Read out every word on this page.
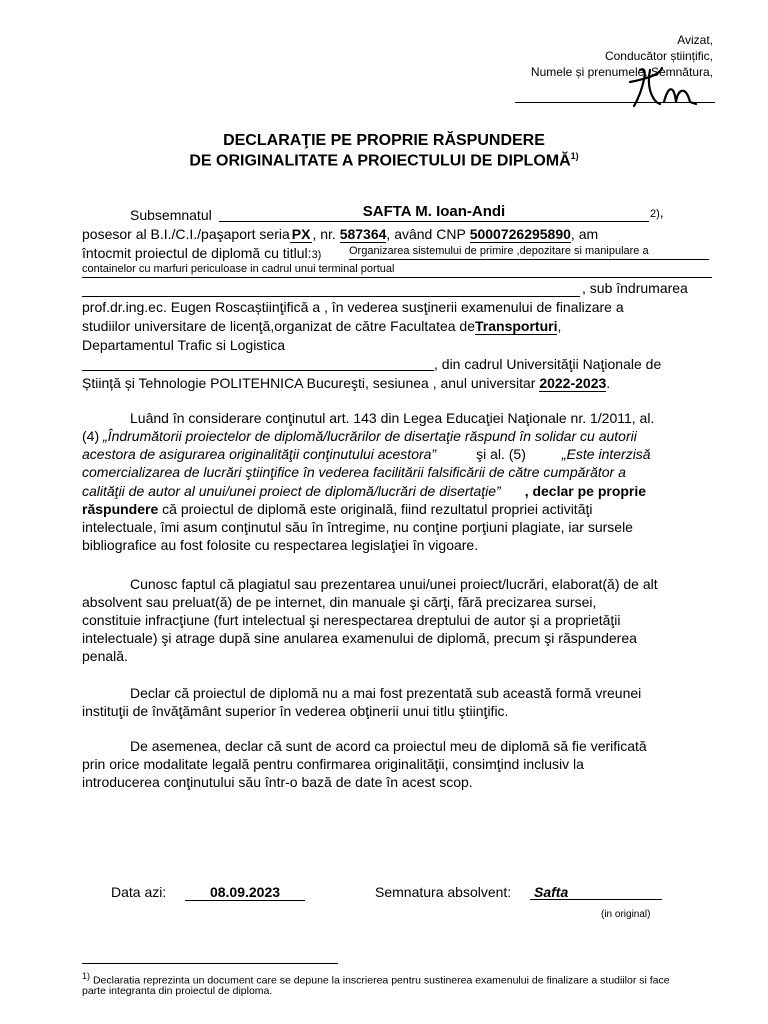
Avizat,
Conducător științific,
Numele și prenumele, Semnătura,
DECLARAŢIE PE PROPRIE RĂSPUNDERE
DE ORIGINALITATE A PROIECTULUI DE DIPLOMĂ$^{1)}$
Subsemnatul	SAFTA M. Ioan-Andi	2),
posesor al B.I./C.I./paşaport seria PX , nr. 587364, având CNP 5000726295890, am
întocmit proiectul de diplomă cu titlul:3)	Organizarea sistemului de primire ,depozitare si manipulare a
containelor cu marfuri periculoase in cadrul unui terminal portual
, sub îndrumarea
prof.dr.ing.ec. Eugen Roscaștiinţifică a , în vederea susţinerii examenului de finalizare a
studiilor universitare de licenţă,organizat de către Facultatea deTransporturi,
Departamentul Trafic si Logistica
, din cadrul Universităţii Naţionale de
Știință și Tehnologie POLITEHNICA Bucureşti, sesiunea , anul universitar 2022-2023.
Luând în considerare conţinutul art. 143 din Legea Educaţiei Naţionale nr. 1/2011, al.
(4) „Îndrumătorii proiectelor de diplomă/lucrărilor de disertaţie răspund în solidar cu autorii
acestora de asigurarea originalităţii conţinutului acestora”	şi al. (5)	„Este interzisă
comercializarea de lucrări ştiinţifice în vederea facilitării falsificării de către cumpărător a
calităţii de autor al unui/unei proiect de diplomă/lucrări de disertaţie” , declar pe proprie
răspundere că proiectul de diplomă este originală, fiind rezultatul propriei activităţi
intelectuale, îmi asum conţinutul său în întregime, nu conţine porţiuni plagiate, iar sursele
bibliografice au fost folosite cu respectarea legislaţiei în vigoare.
Cunosc faptul că plagiatul sau prezentarea unui/unei proiect/lucrări, elaborat(ă) de alt
absolvent sau preluat(ă) de pe internet, din manuale şi cărţi, fără precizarea sursei,
constituie infracţiune (furt intelectual şi nerespectarea dreptului de autor şi a proprietăţii
intelectuale) şi atrage după sine anularea examenului de diplomă, precum şi răspunderea
penală.
Declar că proiectul de diplomă nu a mai fost prezentată sub această formă vreunei
instituţii de învăţământ superior în vederea obţinerii unui titlu ştiinţific.
De asemenea, declar că sunt de acord ca proiectul meu de diplomă să fie verificată
prin orice modalitate legală pentru confirmarea originalităţii, consimţind inclusiv la
introducerea conţinutului său într-o bază de date în acest scop.
Data azi:	08.09.2023	Semnatura absolvent: Safta
(in original)
1) Declaratia reprezinta un document care se depune la inscrierea pentru sustinerea examenului de finalizare a studiilor si face
parte integranta din proiectul de diploma.
